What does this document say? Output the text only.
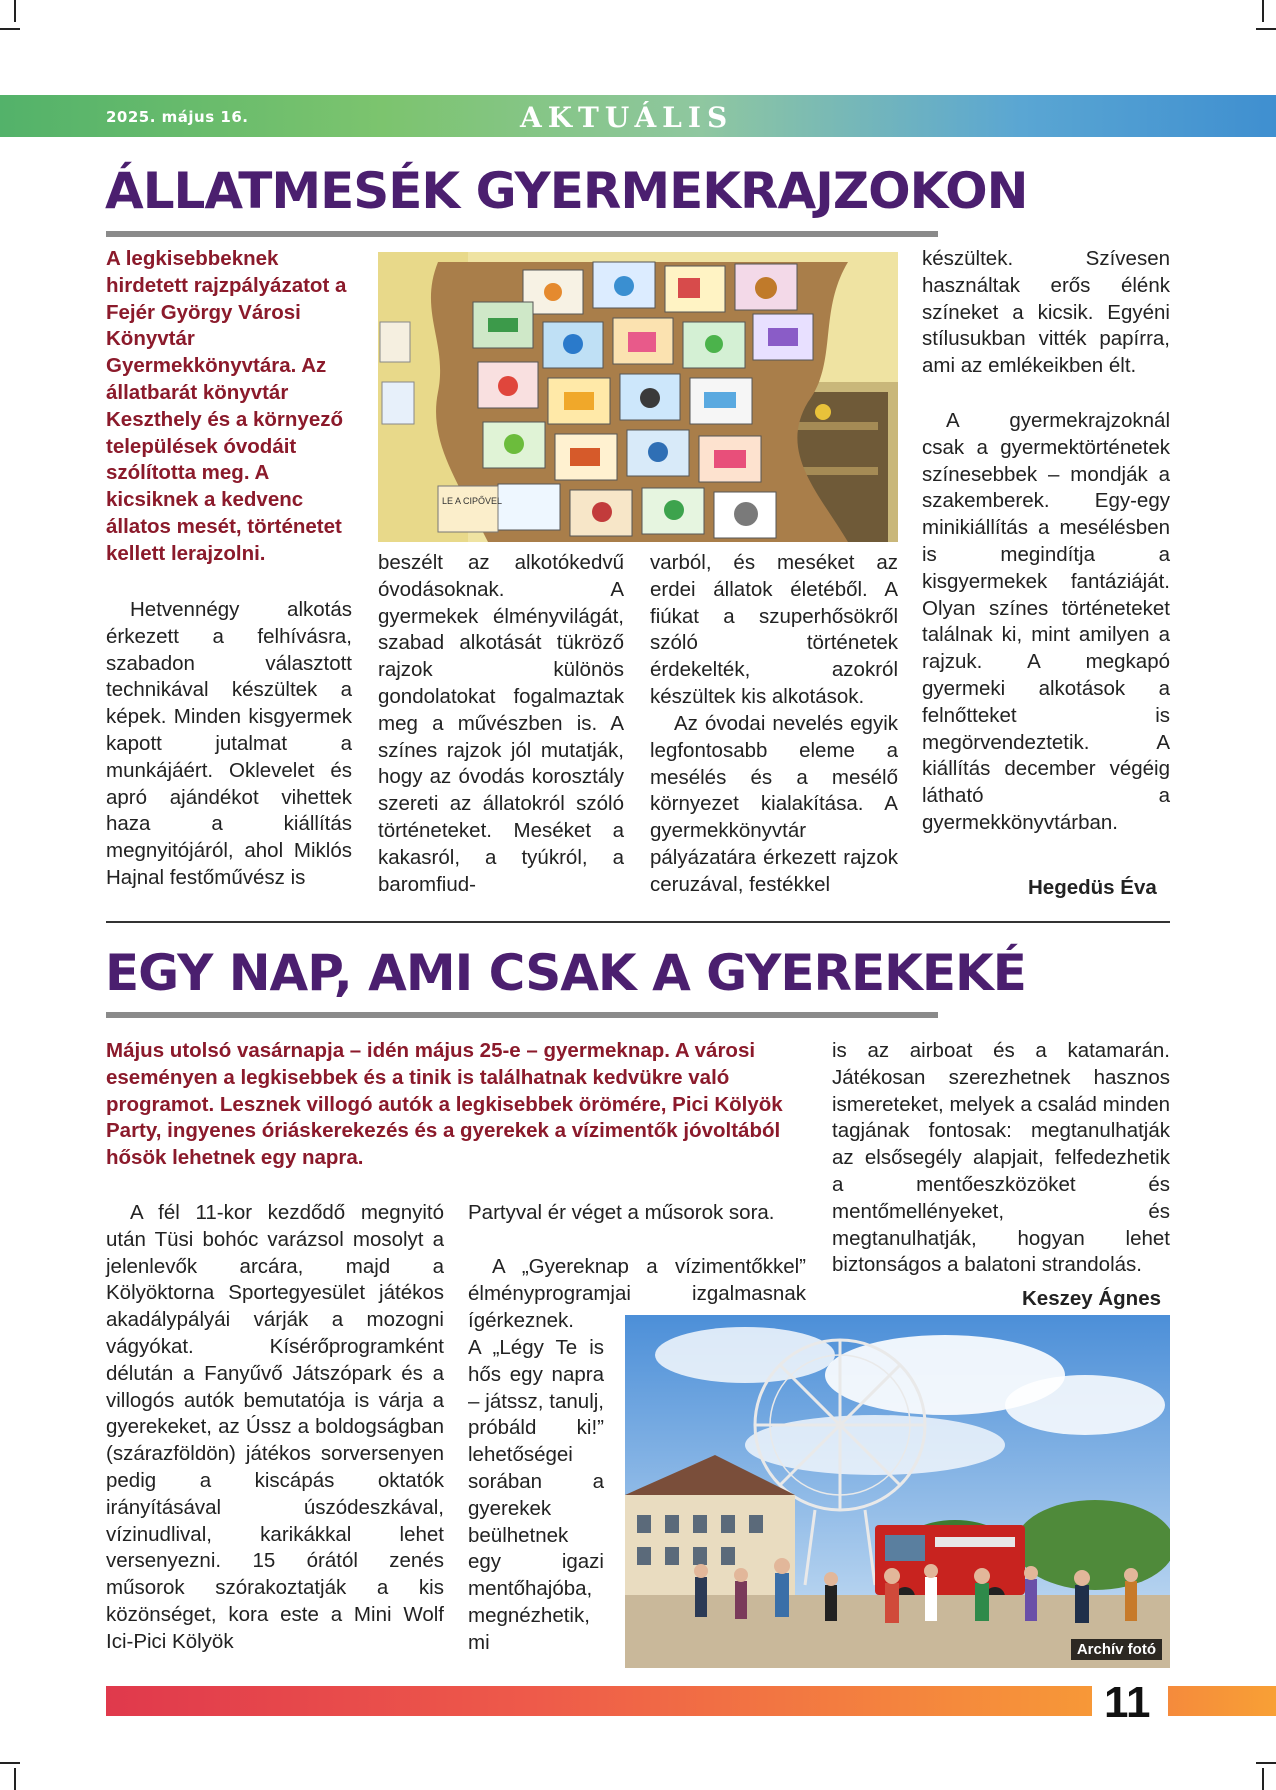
2025. május 16.	AKTUÁLIS
ÁLLATMESÉK GYERMEKRAJZOKON
A legkisebbeknek hirdetett rajzpályázatot a Fejér György Városi Könyvtár Gyermekkönyvtára. Az állatbarát könyvtár Keszthely és a környező települések óvodáit szólította meg. A kicsiknek a kedvenc állatos mesét, történetet kellett lerajzolni.
Hetvennégy alkotás érkezett a felhívásra, szabadon választott technikával készültek a képek. Minden kisgyermek kapott jutalmat a munkájáért. Oklevelet és apró ajándékot vihettek haza a kiállítás megnyitójáról, ahol Miklós Hajnal festőművész is
beszélt az alkotókedvű óvodásoknak. A gyermekek élményvilágát, szabad alkotását tükröző rajzok különös gondolatokat fogalmaztak meg a művészben is. A színes rajzok jól mutatják, hogy az óvodás korosztály szereti az állatokról szóló történeteket. Meséket a kakasról, a tyúkról, a baromfiud-
varból, és meséket az erdei állatok életéből. A fiúkat a szuperhősökről szóló történetek érdekelték, azokról készültek kis alkotások.
Az óvodai nevelés egyik legfontosabb eleme a mesélés és a mesélő környezet kialakítása. A gyermekkönyvtár pályázatára érkezett rajzok ceruzával, festékkel
készültek. Szívesen használtak erős élénk színeket a kicsik. Egyéni stílusukban vitték papírra, ami az emlékeikben élt.
A gyermekrajzoknál csak a gyermektörténetek színesebbek – mondják a szakemberek. Egy-egy minikiállítás a mesélésben is megindítja a kisgyermekek fantáziáját. Olyan színes történeteket találnak ki, mint amilyen a rajzuk. A megkapó gyermeki alkotások a felnőtteket is megörvendeztetik. A kiállítás december végéig látható a gyermekkönyvtárban.
Hegedüs Éva
LE A CIPŐVEL
EGY NAP, AMI CSAK A GYEREKEKÉ
Május utolsó vasárnapja – idén május 25-e – gyermeknap. A városi eseményen a legkisebbek és a tinik is találhatnak kedvükre való programot. Lesznek villogó autók a legkisebbek örömére, Pici Kölyök Party, ingyenes óriáskerekezés és a gyerekek a vízimentők jóvoltából hősök lehetnek egy napra.
A fél 11-kor kezdődő megnyitó után Tüsi bohóc varázsol mosolyt a jelenlevők arcára, majd a Kölyöktorna Sportegyesület játékos akadálypályái várják a mozogni vágyókat. Kísérőprogramként délután a Fanyűvő Játszópark és a villogós autók bemutatója is várja a gyerekeket, az Ússz a boldogságban (szárazföldön) játékos sorversenyen pedig a kiscápás oktatók irányításával úszódeszkával, vízinudlival, karikákkal lehet versenyezni. 15 órától zenés műsorok szórakoztatják a kis közönséget, kora este a Mini Wolf Ici-Pici Kölyök
Partyval ér véget a műsorok sora.
A „Gyereknap a vízimentőkkel” élményprogramjai izgalmasnak ígérkeznek.
A „Légy Te is hős egy napra – játssz, tanulj, próbáld ki!” lehetőségei sorában a gyerekek beülhetnek egy igazi mentőhajóba, megnézhetik, mi
is az airboat és a katamarán. Játékosan szerezhetnek hasznos ismereteket, melyek a család minden tagjának fontosak: megtanulhatják az elsősegély alapjait, felfedezhetik a mentőeszközöket és mentőmellényeket, és megtanulhatják, hogyan lehet biztonságos a balatoni strandolás.
Keszey Ágnes
Archív fotó
11
